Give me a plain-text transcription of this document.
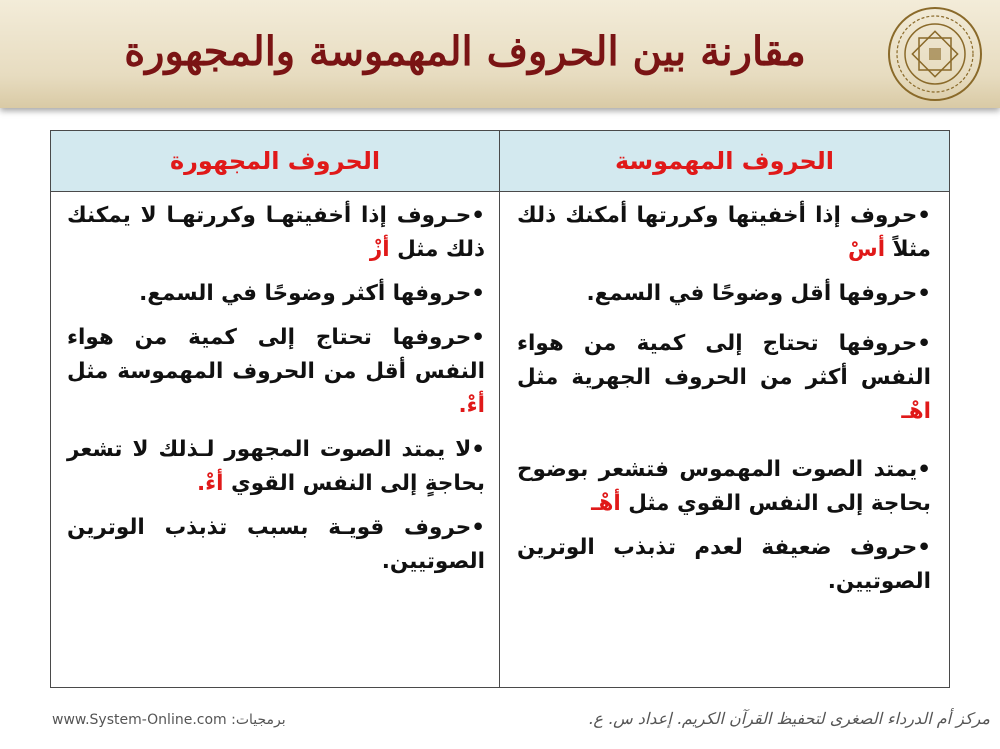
مقارنة بين الحروف المهموسة والمجهورة
الحروف المجهورة	الحروف المهموسة

•حروف إذا أخفيتها وكررتها أمكنك ذلك مثلاً أسْ

•حروفها أقل وضوحًا في السمع.

•حروفها تحتاج إلى كمية من هواء النفس أكثر من الحروف الجهرية مثل اهْـ

•يمتد الصوت المهموس فتشعر بوضوح بحاجة إلى النفس القوي مثل أهْـ

•حروف ضعيفة لعدم تذبذب الوترين الصوتيين.

•حـروف إذا أخفيتهـا وكررتهـا لا يمكنك ذلك مثل أزْ

•حروفها أكثر وضوحًا في السمع.

•حروفها تحتاج إلى كمية من هواء النفس أقل من الحروف المهموسة مثل أءْ.

•لا يمتد الصوت المجهور لـذلك لا تشعر بحاجةٍ إلى النفس القوي أءْ.

•حروف قويـة بسبب تذبذب الوترين الصوتيين.

www.System-Online.com :برمجيات	مركز أم الدرداء الصغرى لتحفيظ القرآن الكريم. إعداد س. ع.
